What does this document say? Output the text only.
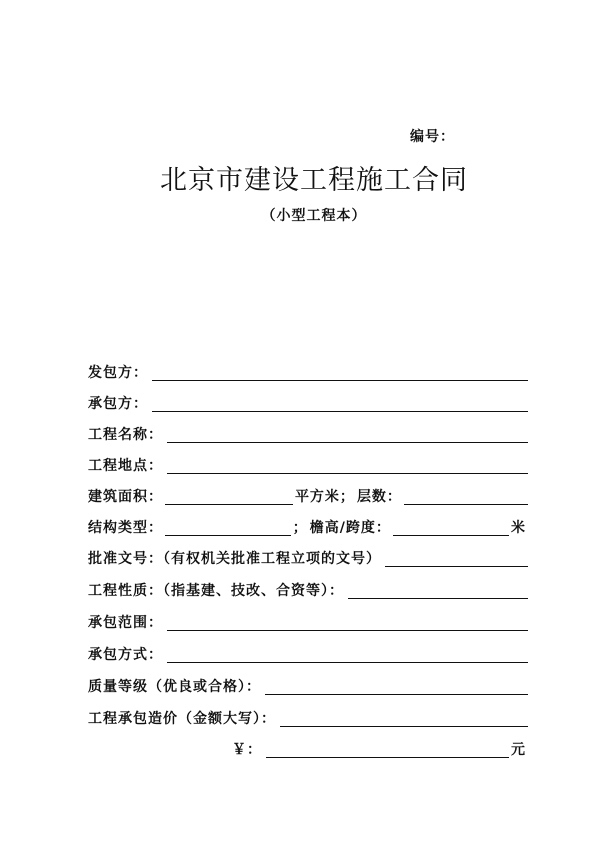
编号：
北京市建设工程施工合同
（小型工程本）
发包方：
承包方：
工程名称：
工程地点：
建筑面积：	平方米； 层数：
结构类型：	； 檐高/跨度：	米
批准文号：（有权机关批准工程立项的文号）
工程性质：（指基建、技改、合资等）：
承包范围：
承包方式：
质量等级（优良或合格）：
工程承包造价（金额大写）：
￥：	元
